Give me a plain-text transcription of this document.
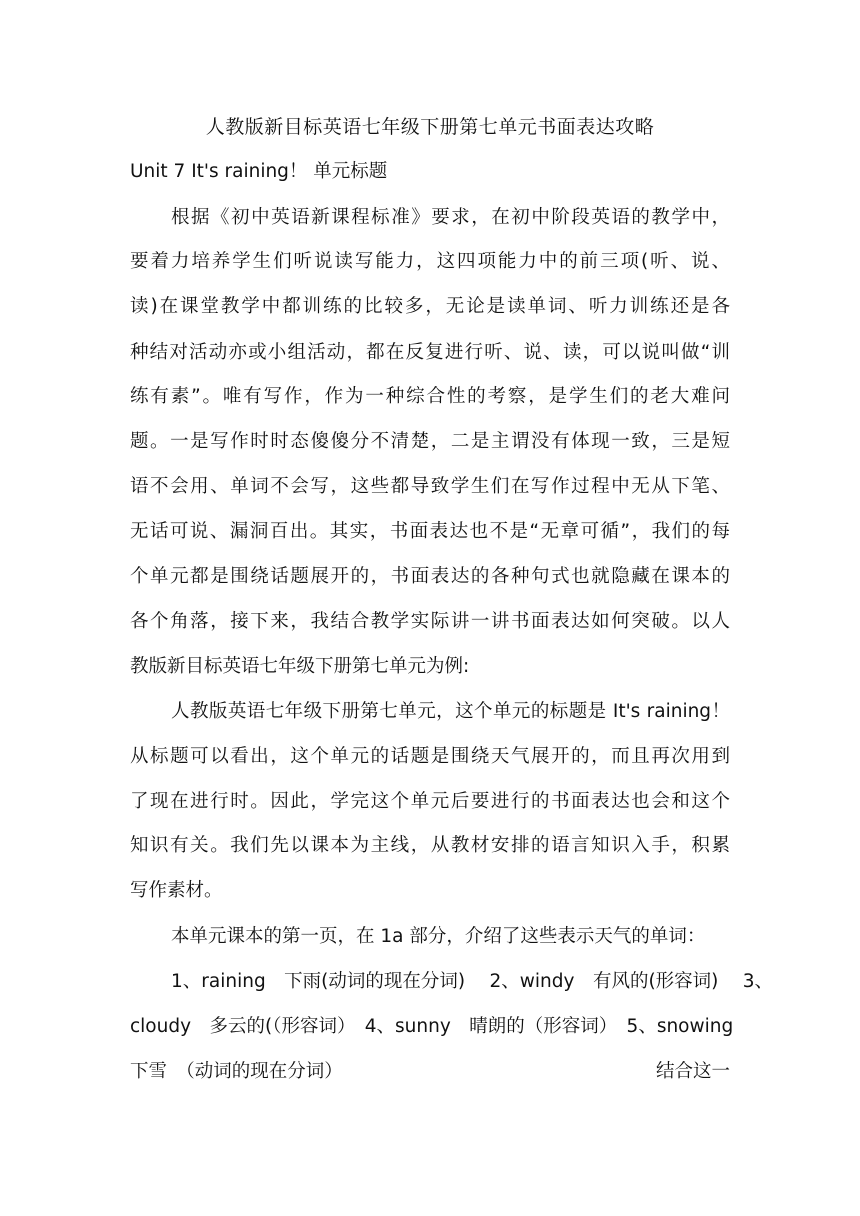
人教版新目标英语七年级下册第七单元书面表达攻略
Unit 7 It's raining！ 单元标题
根据《初中英语新课程标准》要求，在初中阶段英语的教学中，
要着力培养学生们听说读写能力，这四项能力中的前三项(听、说、
读)在课堂教学中都训练的比较多，无论是读单词、听力训练还是各
种结对活动亦或小组活动，都在反复进行听、说、读，可以说叫做“训
练有素”。唯有写作，作为一种综合性的考察，是学生们的老大难问
题。一是写作时时态傻傻分不清楚，二是主谓没有体现一致，三是短
语不会用、单词不会写，这些都导致学生们在写作过程中无从下笔、
无话可说、漏洞百出。其实，书面表达也不是“无章可循”，我们的每
个单元都是围绕话题展开的，书面表达的各种句式也就隐藏在课本的
各个角落，接下来，我结合教学实际讲一讲书面表达如何突破。以人
教版新目标英语七年级下册第七单元为例:
人教版英语七年级下册第七单元，这个单元的标题是 It's raining！
从标题可以看出，这个单元的话题是围绕天气展开的，而且再次用到
了现在进行时。因此，学完这个单元后要进行的书面表达也会和这个
知识有关。我们先以课本为主线，从教材安排的语言知识入手，积累
写作素材。
本单元课本的第一页，在 1a 部分，介绍了这些表示天气的单词：
1、raining　下雨(动词的现在分词)　 2、windy　有风的(形容词)　 3、
cloudy　多云的(（形容词）　4、sunny　晴朗的（形容词）　5、snowing
下雪　（动词的现在分词）	结合这一
